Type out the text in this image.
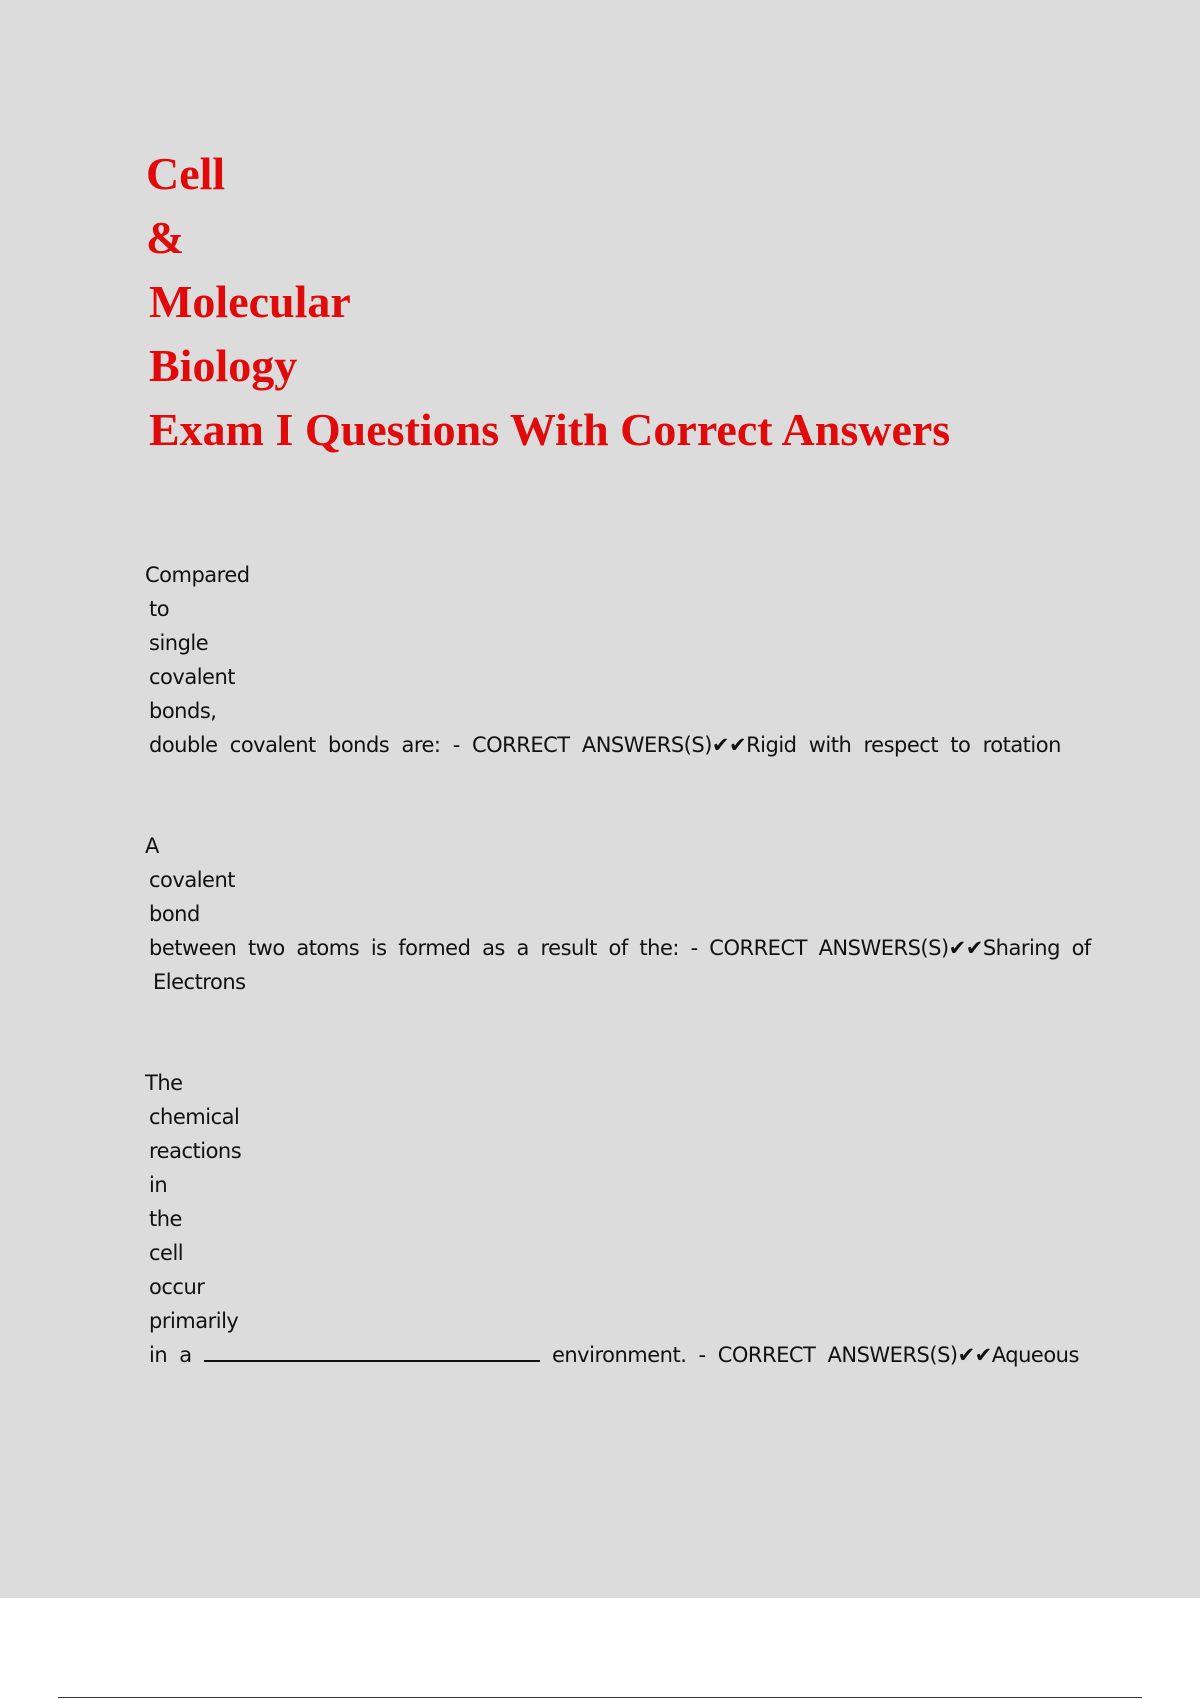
Cell
&
Molecular
Biology
Exam I Questions With Correct Answers
Compared
to
single
covalent
bonds,
double covalent bonds are: - CORRECT ANSWERS(S)✔✔Rigid with respect to rotation
A
covalent
bond
between two atoms is formed as a result of the: - CORRECT ANSWERS(S)✔✔Sharing of
Electrons
The
chemical
reactions
in
the
cell
occur
primarily
in a	environment. - CORRECT ANSWERS(S)✔✔Aqueous
